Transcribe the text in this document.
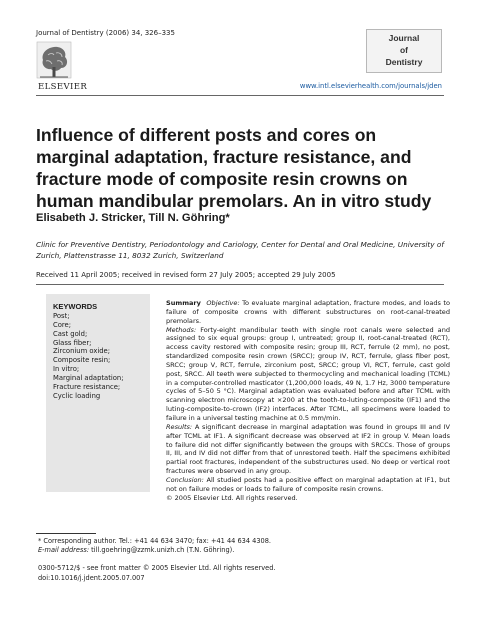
Journal of Dentistry (2006) 34, 326–335
ELSEVIER
Journal
of
Dentistry
www.intl.elsevierhealth.com/journals/jden
Influence of different posts and cores on marginal adaptation, fracture resistance, and fracture mode of composite resin crowns on human mandibular premolars. An in vitro study
Elisabeth J. Stricker, Till N. Göhring*
Clinic for Preventive Dentistry, Periodontology and Cariology, Center for Dental and Oral Medicine, University of Zurich, Plattenstrasse 11, 8032 Zurich, Switzerland
Received 11 April 2005; received in revised form 27 July 2005; accepted 29 July 2005
KEYWORDS
Post;
Core;
Cast gold;
Glass fiber;
Zirconium oxide;
Composite resin;
In vitro;
Marginal adaptation;
Fracture resistance;
Cyclic loading

Summary Objective: To evaluate marginal adaptation, fracture modes, and loads to failure of composite crowns with different substructures on root-canal-treated premolars.

Methods: Forty-eight mandibular teeth with single root canals were selected and assigned to six equal groups: group I, untreated; group II, root-canal-treated (RCT), access cavity restored with composite resin; group III, RCT, ferrule (2 mm), no post, standardized composite resin crown (SRCC); group IV, RCT, ferrule, glass fiber post, SRCC; group V, RCT, ferrule, zirconium post, SRCC; group VI, RCT, ferrule, cast gold post, SRCC. All teeth were subjected to thermocycling and mechanical loading (TCML) in a computer-controlled masticator (1,200,000 loads, 49 N, 1.7 Hz, 3000 temperature cycles of 5–50 5 °C). Marginal adaptation was evaluated before and after TCML with scanning electron microscopy at ×200 at the tooth-to-luting-composite (IF1) and the luting-composite-to-crown (IF2) interfaces. After TCML, all specimens were loaded to failure in a universal testing machine at 0.5 mm/min.

Results: A significant decrease in marginal adaptation was found in groups III and IV after TCML at IF1. A significant decrease was observed at IF2 in group V. Mean loads to failure did not differ significantly between the groups with SRCCs. Those of groups II, III, and IV did not differ from that of unrestored teeth. Half the specimens exhibited partial root fractures, independent of the substructures used. No deep or vertical root fractures were observed in any group.

Conclusion: All studied posts had a positive effect on marginal adaptation at IF1, but not on failure modes or loads to failure of composite resin crowns.

© 2005 Elsevier Ltd. All rights reserved.

* Corresponding author. Tel.: +41 44 634 3470; fax: +41 44 634 4308.
E-mail address: till.goehring@zzmk.unizh.ch (T.N. Göhring).
0300-5712/$ - see front matter © 2005 Elsevier Ltd. All rights reserved.
doi:10.1016/j.jdent.2005.07.007
